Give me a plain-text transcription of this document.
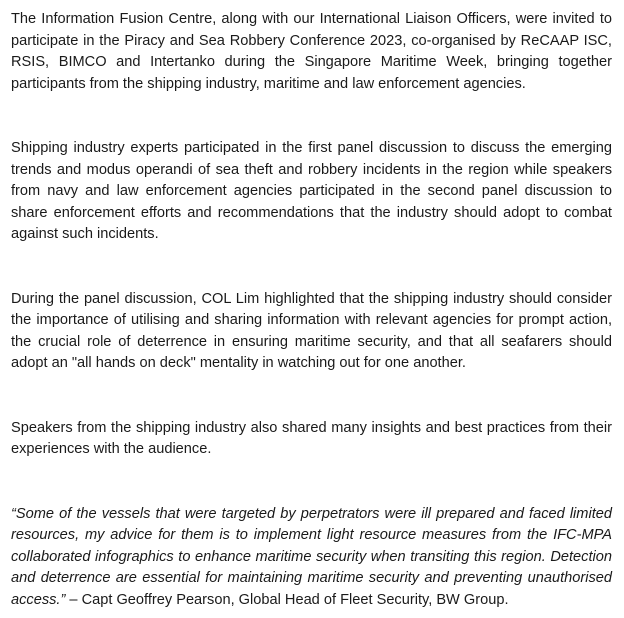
The Information Fusion Centre, along with our International Liaison Officers, were invited to participate in the Piracy and Sea Robbery Conference 2023, co-organised by ReCAAP ISC, RSIS, BIMCO and Intertanko during the Singapore Maritime Week, bringing together participants from the shipping industry, maritime and law enforcement agencies.

Shipping industry experts participated in the first panel discussion to discuss the emerging trends and modus operandi of sea theft and robbery incidents in the region while speakers from navy and law enforcement agencies participated in the second panel discussion to share enforcement efforts and recommendations that the industry should adopt to combat against such incidents.

During the panel discussion, COL Lim highlighted that the shipping industry should consider the importance of utilising and sharing information with relevant agencies for prompt action, the crucial role of deterrence in ensuring maritime security, and that all seafarers should adopt an "all hands on deck" mentality in watching out for one another.

Speakers from the shipping industry also shared many insights and best practices from their experiences with the audience.

“Some of the vessels that were targeted by perpetrators were ill prepared and faced limited resources, my advice for them is to implement light resource measures from the IFC-MPA collaborated infographics to enhance maritime security when transiting this region. Detection and deterrence are essential for maintaining maritime security and preventing unauthorised access.” – Capt Geoffrey Pearson, Global Head of Fleet Security, BW Group.
